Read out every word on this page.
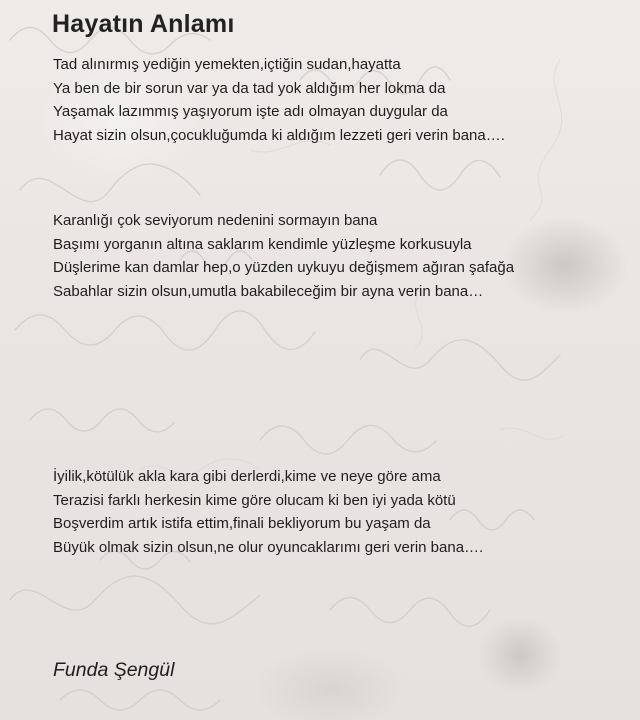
Hayatın Anlamı

Tad alınırmış yediğin yemekten,içtiğin sudan,hayatta
Ya ben de bir sorun var ya da tad yok aldığım her lokma da
Yaşamak lazımmış yaşıyorum işte adı olmayan duygular da
Hayat sizin olsun,çocukluğumda ki aldığım lezzeti geri verin bana….

Karanlığı çok seviyorum nedenini sormayın bana
Başımı yorganın altına saklarım kendimle yüzleşme korkusuyla
Düşlerime kan damlar hep,o yüzden uykuyu değişmem ağıran şafağa
Sabahlar sizin olsun,umutla bakabileceğim bir ayna verin bana…

İyilik,kötülük akla kara gibi derlerdi,kime ve neye göre ama
Terazisi farklı herkesin kime göre olucam ki ben iyi yada kötü
Boşverdim artık istifa ettim,finali bekliyorum bu yaşam da
Büyük olmak sizin olsun,ne olur oyuncaklarımı geri verin bana….

Funda Şengül
